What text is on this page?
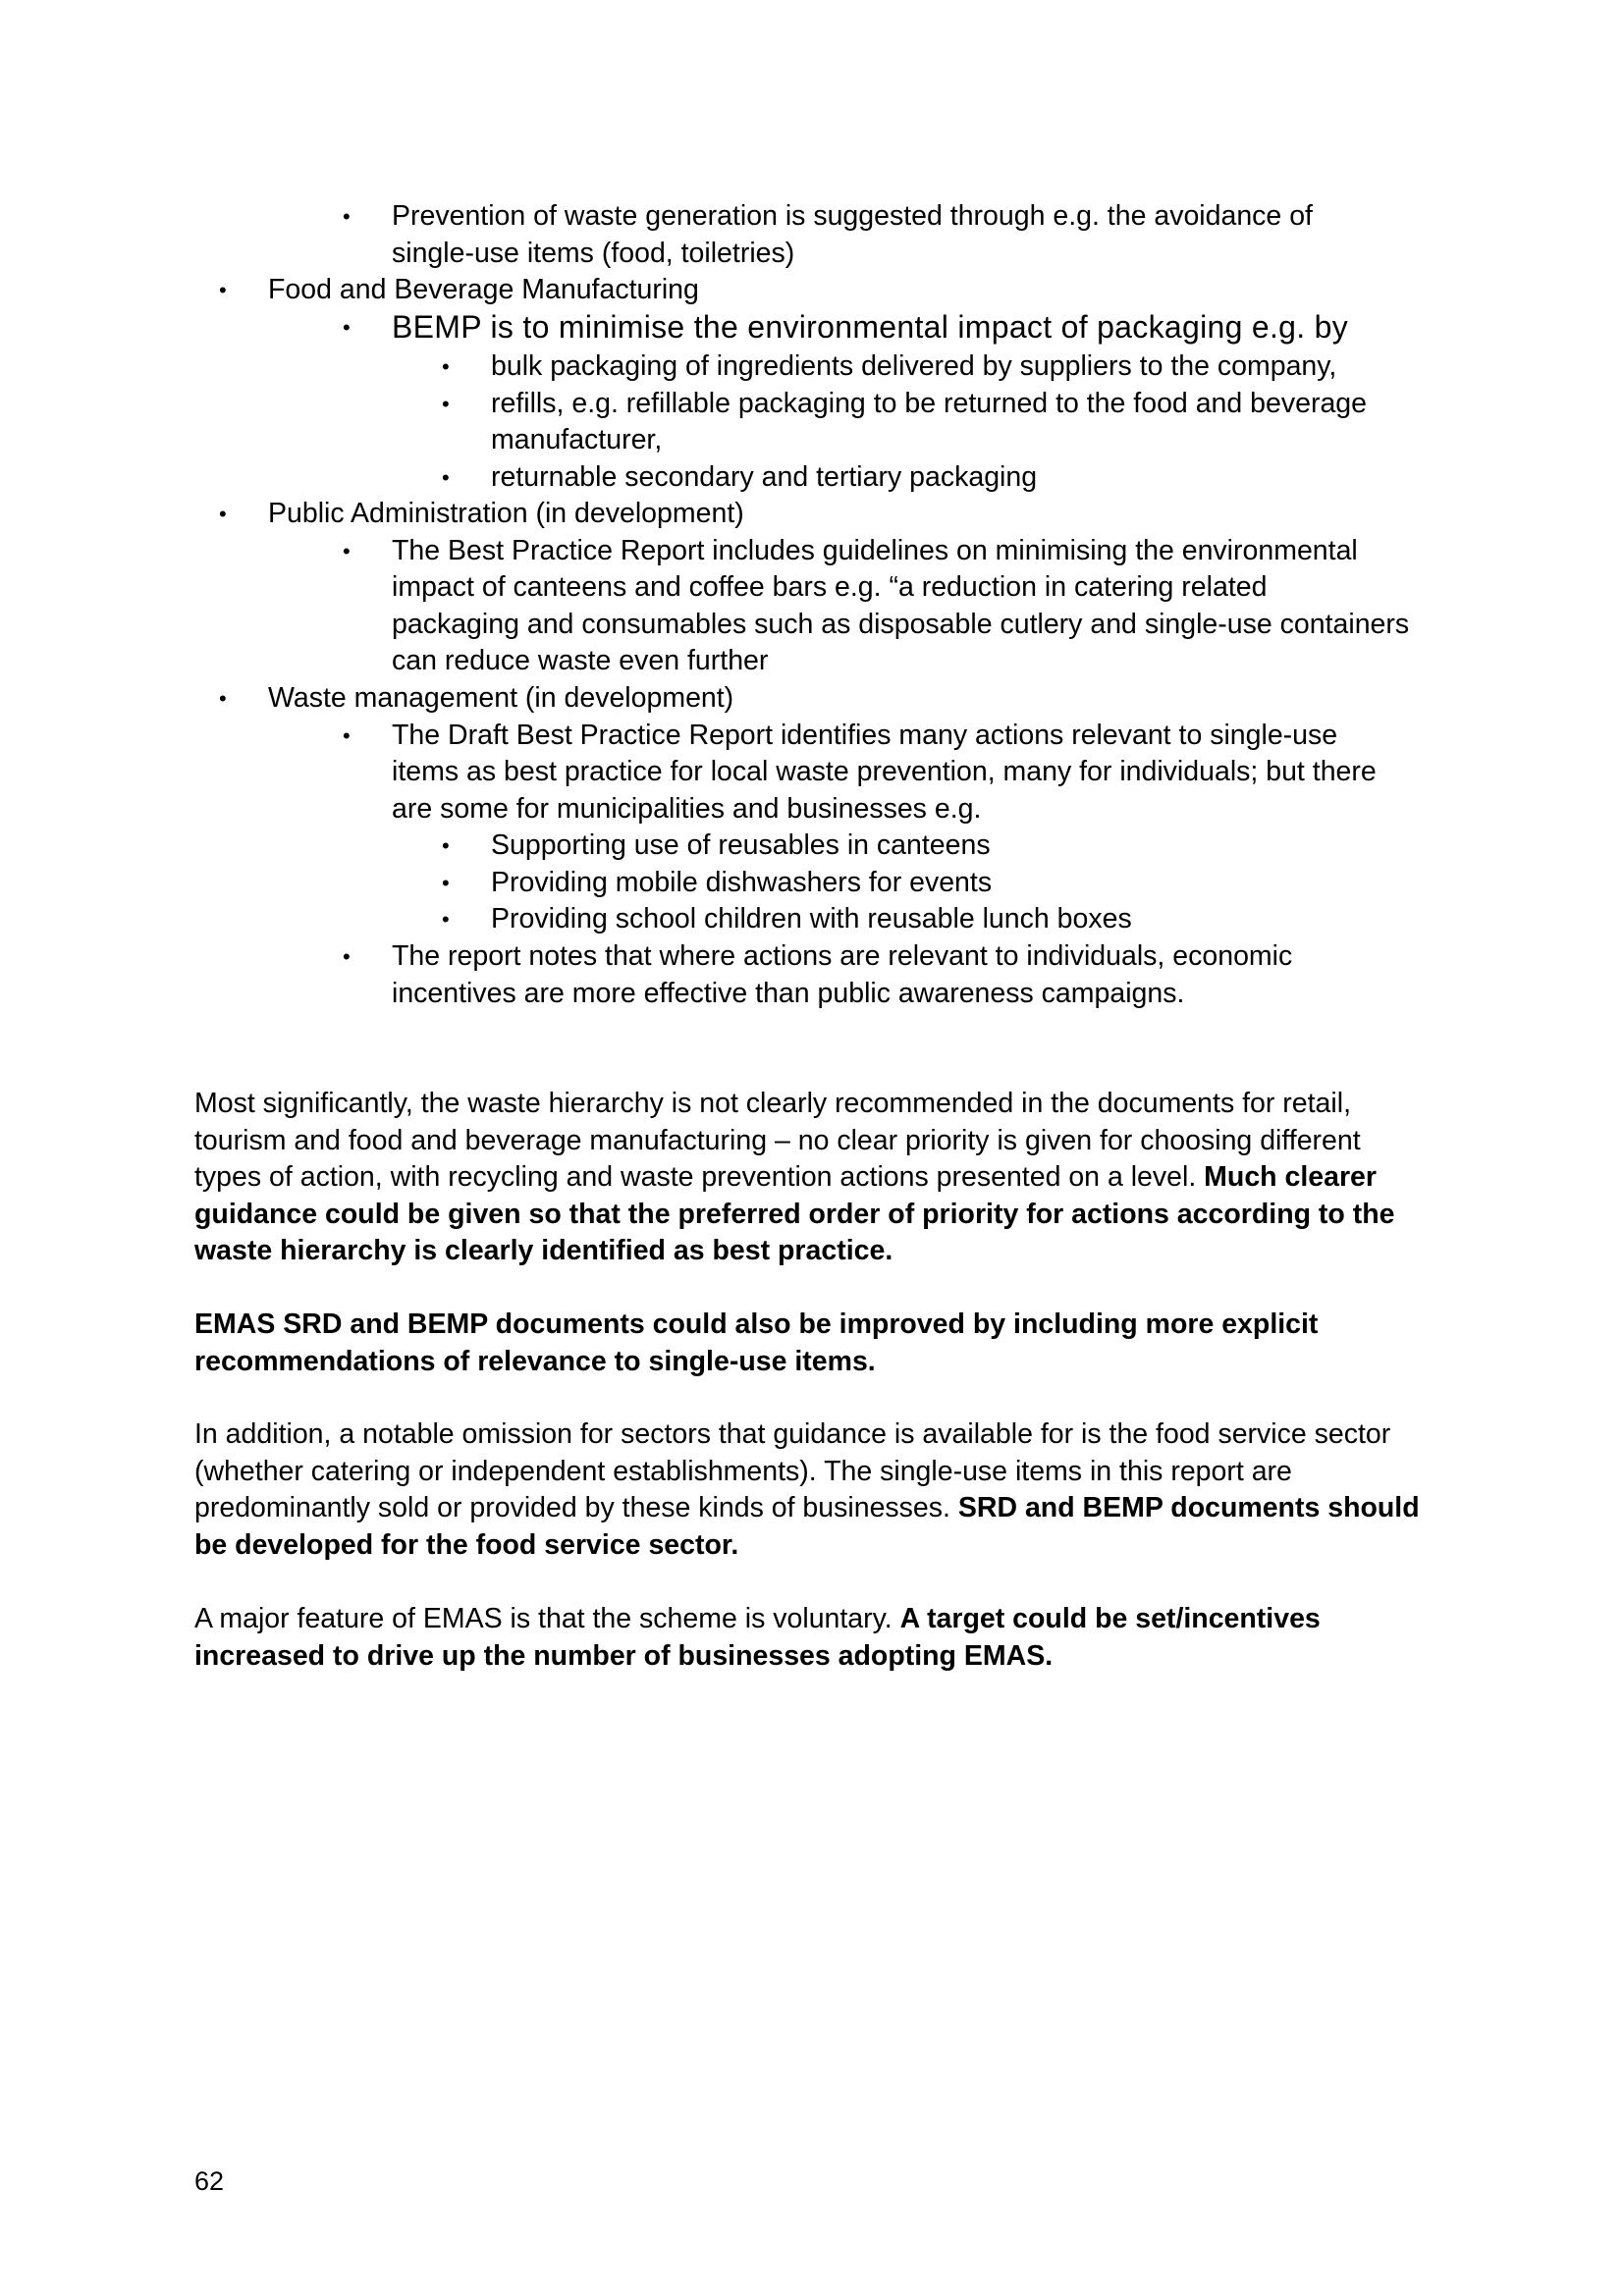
• Prevention of waste generation is suggested through e.g. the avoidance of
single-use items (food, toiletries)
• Food and Beverage Manufacturing
• BEMP is to minimise the environmental impact of packaging e.g. by
• bulk packaging of ingredients delivered by suppliers to the company,
• refills, e.g. refillable packaging to be returned to the food and beverage
manufacturer,
• returnable secondary and tertiary packaging
• Public Administration (in development)
• The Best Practice Report includes guidelines on minimising the environmental
impact of canteens and coffee bars e.g. “a reduction in catering related
packaging and consumables such as disposable cutlery and single-use containers
can reduce waste even further
• Waste management (in development)
• The Draft Best Practice Report identifies many actions relevant to single-use
items as best practice for local waste prevention, many for individuals; but there
are some for municipalities and businesses e.g.
• Supporting use of reusables in canteens
• Providing mobile dishwashers for events
• Providing school children with reusable lunch boxes
• The report notes that where actions are relevant to individuals, economic
incentives are more effective than public awareness campaigns.
Most significantly, the waste hierarchy is not clearly recommended in the documents for retail,
tourism and food and beverage manufacturing – no clear priority is given for choosing different
types of action, with recycling and waste prevention actions presented on a level. Much clearer
guidance could be given so that the preferred order of priority for actions according to the
waste hierarchy is clearly identified as best practice.
EMAS SRD and BEMP documents could also be improved by including more explicit
recommendations of relevance to single-use items.
In addition, a notable omission for sectors that guidance is available for is the food service sector
(whether catering or independent establishments). The single-use items in this report are
predominantly sold or provided by these kinds of businesses. SRD and BEMP documents should
be developed for the food service sector.
A major feature of EMAS is that the scheme is voluntary. A target could be set/incentives
increased to drive up the number of businesses adopting EMAS.
62
